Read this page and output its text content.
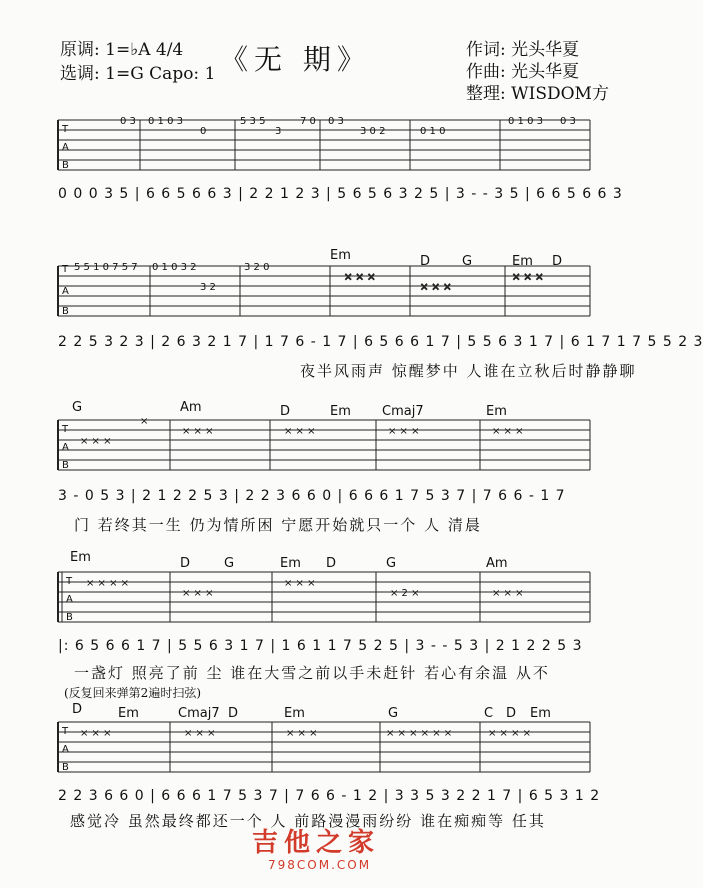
原调: 1=♭A 4/4
选调: 1=G Capo: 1 《无 期》	作词: 光头华夏
作曲: 光头华夏
整理: WISDOM方
T
A
B
0 3 0 1 0 3
0
5 3 5
3
7 0 0 3
3 0 2	0 1 0
0 1 0 3 0 3
0 0 0 3 5 | 6 6 5 6 6 3 | 2 2 1 2 3 | 5 6 5 6 3 2 5 | 3 - - 3 5 | 6 6 5 6 6 3
Em	D G	Em D
T
A
B
5 5 1 0 7 5 7 0 1 0 3 2	3 2 0
3 2
× × ×
× × ×
× × ×
2 2 5 3 2 3 | 2 6 3 2 1 7 | 1 7 6 - 1 7 | 6 5 6 6 1 7 | 5 5 6 3 1 7 | 6 1 7 1 7 5 5 2 3
夜半风雨声 惊醒梦中 人谁在立秋后时静静聊
G	Am	D	Em Cmaj7	Em
T
A
B
× × ×
×
× × ×	× × ×	× × ×	× × ×
3 - 0 5 3 | 2 1 2 2 5 3 | 2 2 3 6 6 0 | 6 6 6 1 7 5 3 7 | 7 6 6 - 1 7
门 若终其一生 仍为情所困 宁愿开始就只一个 人 清晨
Em	D	G	Em D	G	Am
T
A
B
× × × ×
× × ×
× × ×
× 2 ×	× × ×
|: 6 5 6 6 1 7 | 5 5 6 3 1 7 | 1 6 1 1 7 5 2 5 | 3 - - 5 3 | 2 1 2 2 5 3
一盏灯 照亮了前 尘 谁在大雪之前以手未赶针 若心有余温 从不
(反复回来弹第2遍时扫弦)
D	Em	Cmaj7 D	Em	G	C D Em
T
A
B
× × ×	× × ×	× × ×	× × × × × ×	× × × ×
2 2 3 6 6 0 | 6 6 6 1 7 5 3 7 | 7 6 6 - 1 2 | 3 3 5 3 2 2 1 7 | 6 5 3 1 2
感觉冷 虽然最终都还一个 人 前路漫漫雨纷纷 谁在痴痴等 任其
吉他之家
798COM.COM
